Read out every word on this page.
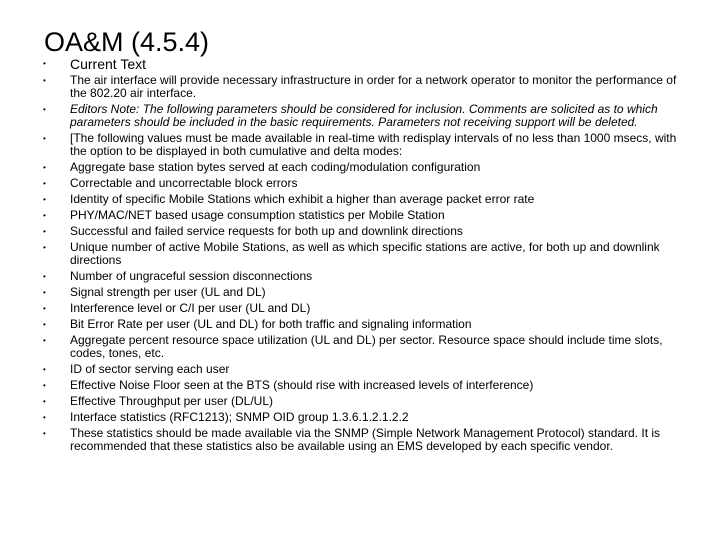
OA&M (4.5.4)
•	Current Text
•	The air interface will provide necessary infrastructure in order for a network operator to monitor the performance of the 802.20 air interface.
•	Editors Note: The following parameters should be considered for inclusion. Comments are solicited as to which parameters should be included in the basic requirements. Parameters not receiving support will be deleted.
•	[The following values must be made available in real-time with redisplay intervals of no less than 1000 msecs, with the option to be displayed in both cumulative and delta modes:
•	Aggregate base station bytes served at each coding/modulation configuration
•	Correctable and uncorrectable block errors
•	Identity of specific Mobile Stations which exhibit a higher than average packet error rate
•	PHY/MAC/NET based usage consumption statistics per Mobile Station
•	Successful and failed service requests for both up and downlink directions
•	Unique number of active Mobile Stations, as well as which specific stations are active, for both up and downlink directions
•	Number of ungraceful session disconnections
•	Signal strength per user (UL and DL)
•	Interference level or C/I per user (UL and DL)
•	Bit Error Rate per user (UL and DL) for both traffic and signaling information
•	Aggregate percent resource space utilization (UL and DL) per sector. Resource space should include time slots, codes, tones, etc.
•	ID of sector serving each user
•	Effective Noise Floor seen at the BTS (should rise with increased levels of interference)
•	Effective Throughput per user (DL/UL)
•	Interface statistics (RFC1213); SNMP OID group 1.3.6.1.2.1.2.2
•	These statistics should be made available via the SNMP (Simple Network Management Protocol) standard. It is recommended that these statistics also be available using an EMS developed by each specific vendor.
